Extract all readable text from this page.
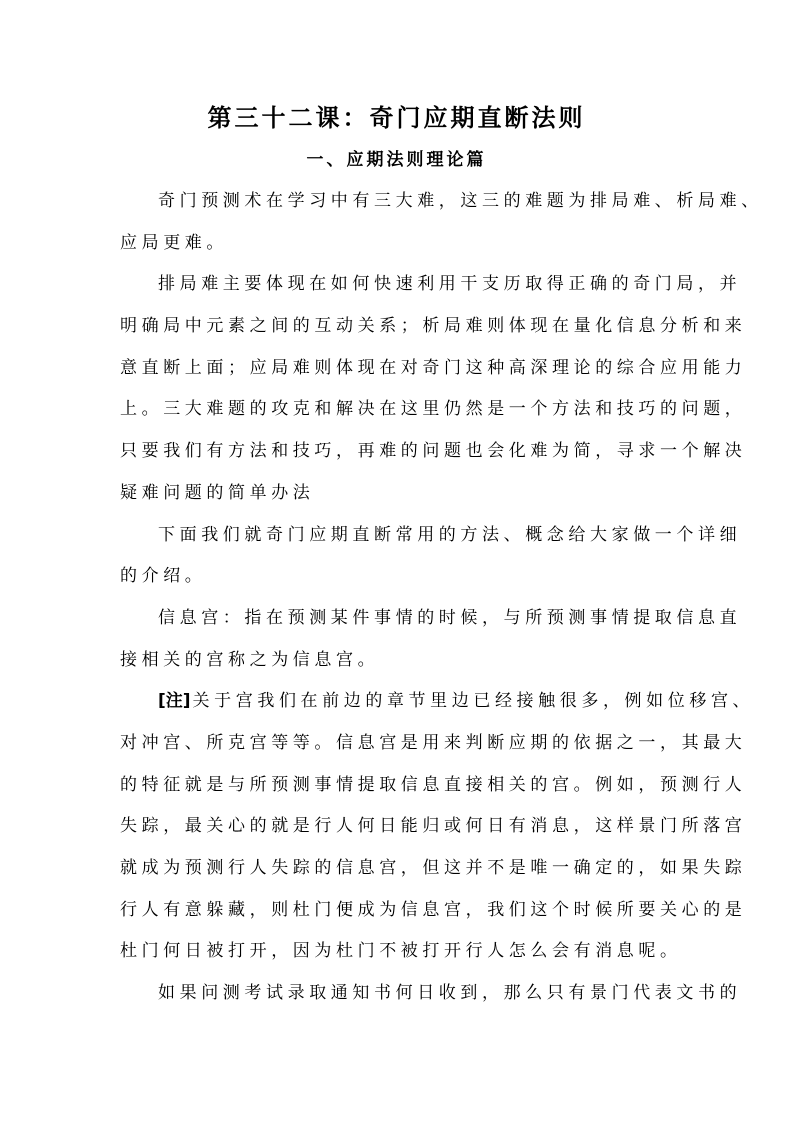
第三十二课：奇门应期直断法则
一、应期法则理论篇
奇门预测术在学习中有三大难，这三的难题为排局难、析局难、
应局更难。
排局难主要体现在如何快速利用干支历取得正确的奇门局，并
明确局中元素之间的互动关系；析局难则体现在量化信息分析和来
意直断上面；应局难则体现在对奇门这种高深理论的综合应用能力
上。三大难题的攻克和解决在这里仍然是一个方法和技巧的问题，
只要我们有方法和技巧，再难的问题也会化难为简，寻求一个解决
疑难问题的简单办法
下面我们就奇门应期直断常用的方法、概念给大家做一个详细
的介绍。
信息宫：指在预测某件事情的时候，与所预测事情提取信息直
接相关的宫称之为信息宫。
[注] 关于宫我们在前边的章节里边已经接触很多，例如位移宫、
对冲宫、所克宫等等。信息宫是用来判断应期的依据之一，其最大
的特征就是与所预测事情提取信息直接相关的宫。例如，预测行人
失踪，最关心的就是行人何日能归或何日有消息，这样景门所落宫
就成为预测行人失踪的信息宫，但这并不是唯一确定的，如果失踪
行人有意躲藏，则杜门便成为信息宫，我们这个时候所要关心的是
杜门何日被打开，因为杜门不被打开行人怎么会有消息呢。
如果问测考试录取通知书何日收到，那么只有景门代表文书的
